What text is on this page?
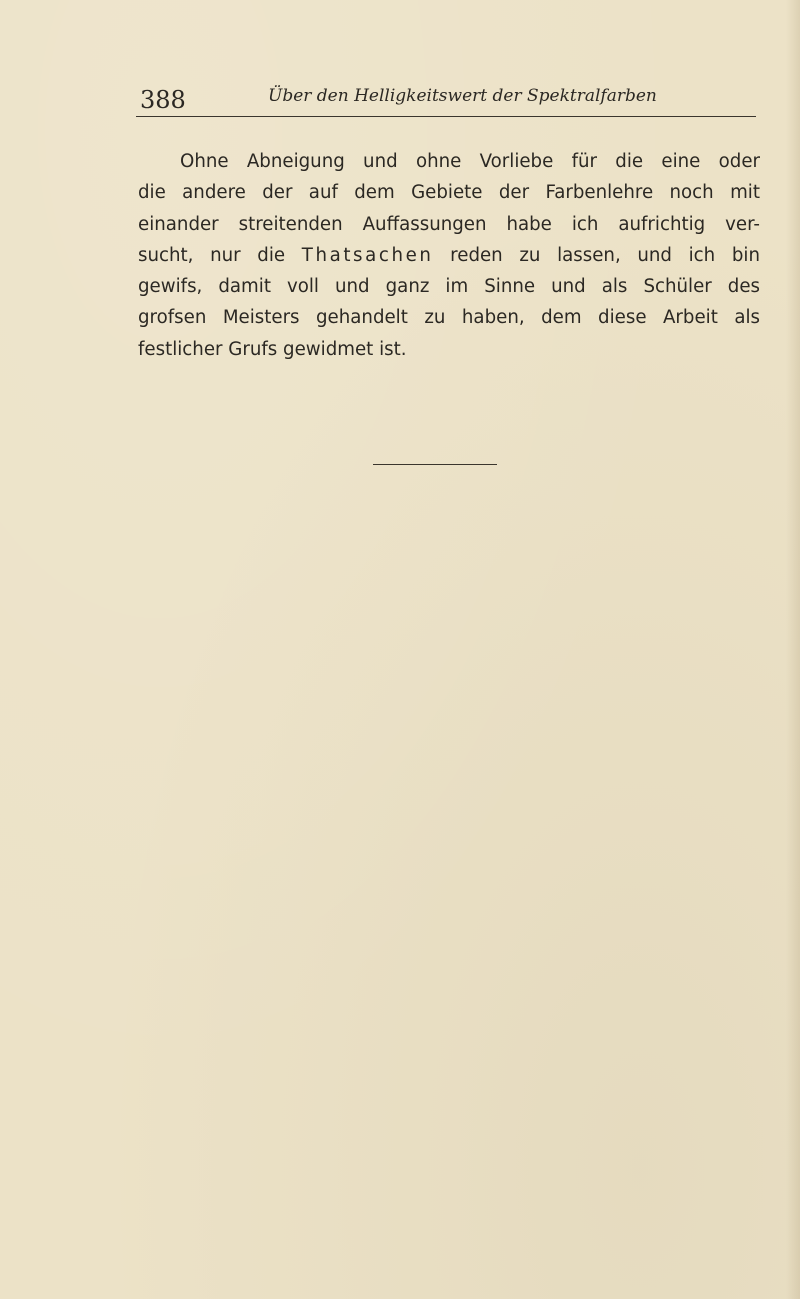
388	Über den Helligkeitswert der Spektralfarben
Ohne Abneigung und ohne Vorliebe für die eine oder
die andere der auf dem Gebiete der Farbenlehre noch mit
einander streitenden Auffassungen habe ich aufrichtig ver-
sucht, nur die Thatsachen reden zu lassen, und ich bin
gewifs, damit voll und ganz im Sinne und als Schüler des
grofsen Meisters gehandelt zu haben, dem diese Arbeit als
festlicher Grufs gewidmet ist.
